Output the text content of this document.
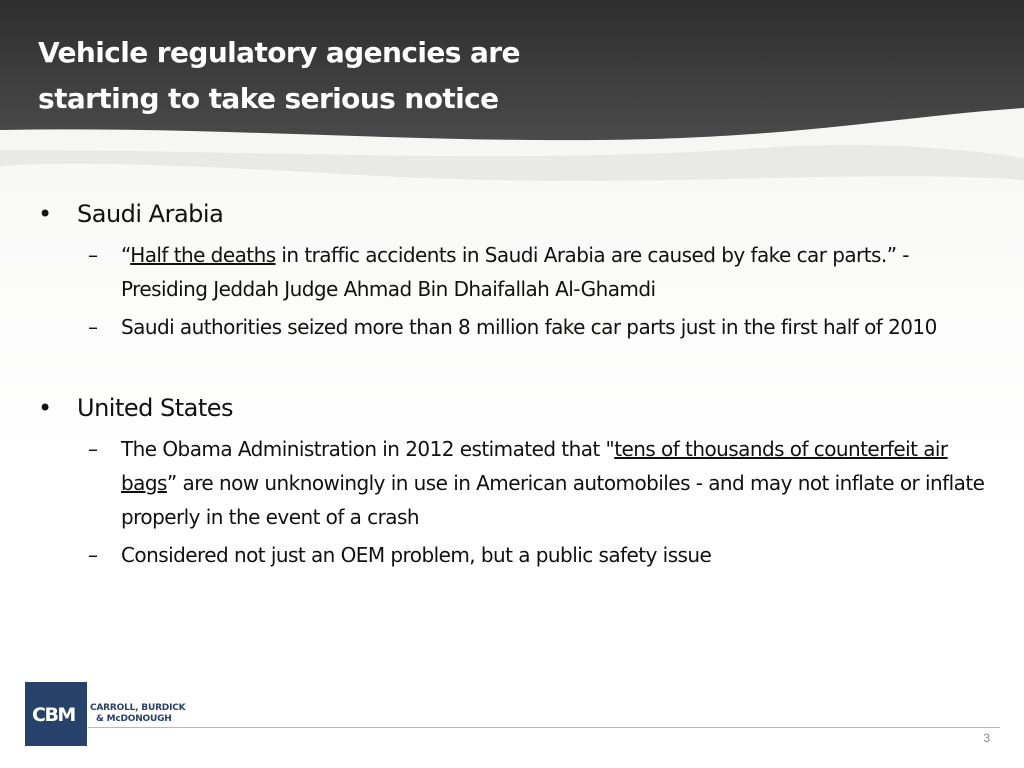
Vehicle regulatory agencies are
starting to take serious notice
• Saudi Arabia
– “Half the deaths in traffic accidents in Saudi Arabia are caused by fake car parts.” - Presiding Jeddah Judge Ahmad Bin Dhaifallah Al-Ghamdi
– Saudi authorities seized more than 8 million fake car parts just in the first half of 2010
• United States
– The Obama Administration in 2012 estimated that "tens of thousands of counterfeit air bags” are now unknowingly in use in American automobiles - and may not inflate or inflate properly in the event of a crash
– Considered not just an OEM problem, but a public safety issue
CBM CARROLL, BURDICK
& McDONOUGH
3
